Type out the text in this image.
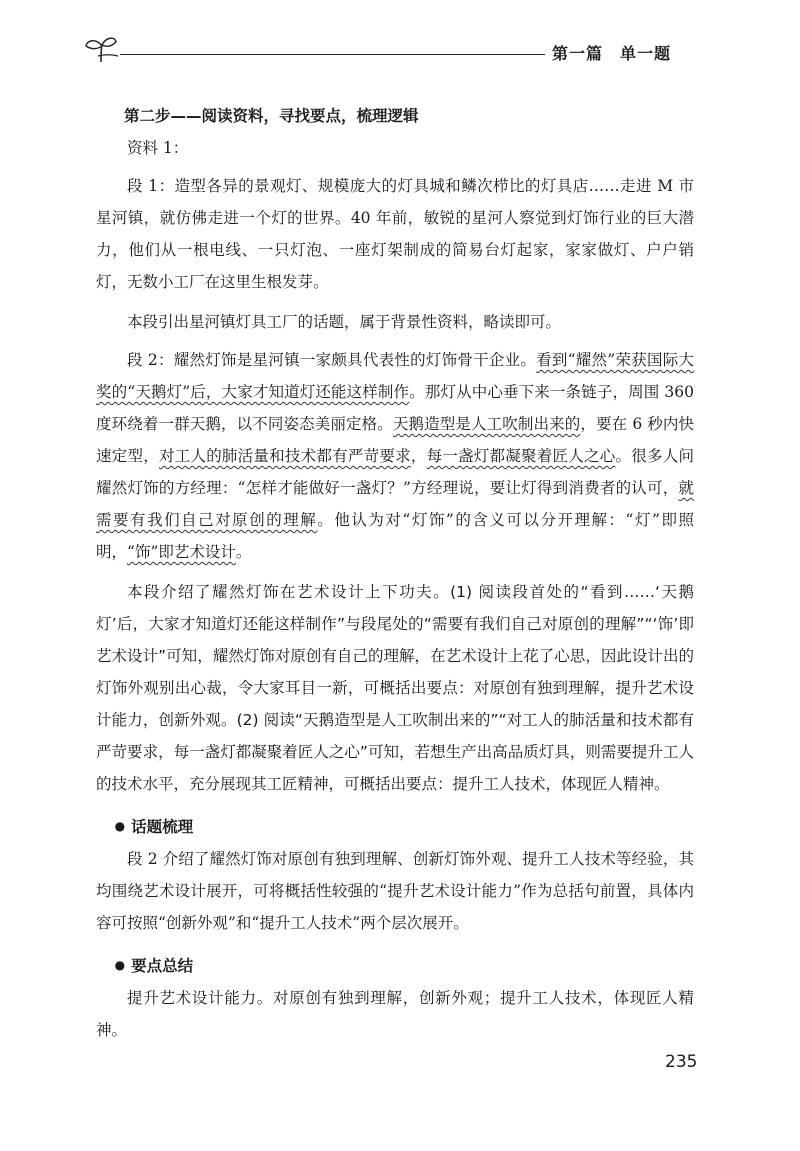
第一篇　单一题

第二步——阅读资料，寻找要点，梳理逻辑

资料 1：

段 1：造型各异的景观灯、规模庞大的灯具城和鳞次栉比的灯具店……走进 M 市星河镇，就仿佛走进一个灯的世界。40 年前，敏锐的星河人察觉到灯饰行业的巨大潜力，他们从一根电线、一只灯泡、一座灯架制成的简易台灯起家，家家做灯、户户销灯，无数小工厂在这里生根发芽。

本段引出星河镇灯具工厂的话题，属于背景性资料，略读即可。

段 2：耀然灯饰是星河镇一家颇具代表性的灯饰骨干企业。看到“耀然”荣获国际大奖的“天鹅灯”后，大家才知道灯还能这样制作。那灯从中心垂下来一条链子，周围 360 度环绕着一群天鹅，以不同姿态美丽定格。天鹅造型是人工吹制出来的，要在 6 秒内快速定型，对工人的肺活量和技术都有严苛要求，每一盏灯都凝聚着匠人之心。很多人问耀然灯饰的方经理：“怎样才能做好一盏灯？”方经理说，要让灯得到消费者的认可，就需要有我们自己对原创的理解。他认为对“灯饰”的含义可以分开理解：“灯”即照明，“饰”即艺术设计。

本段介绍了耀然灯饰在艺术设计上下功夫。(1) 阅读段首处的“看到……‘天鹅灯’后，大家才知道灯还能这样制作”与段尾处的“需要有我们自己对原创的理解”“‘饰’即艺术设计”可知，耀然灯饰对原创有自己的理解，在艺术设计上花了心思，因此设计出的灯饰外观别出心裁，令大家耳目一新，可概括出要点：对原创有独到理解，提升艺术设计能力，创新外观。(2) 阅读“天鹅造型是人工吹制出来的”“对工人的肺活量和技术都有严苛要求，每一盏灯都凝聚着匠人之心”可知，若想生产出高品质灯具，则需要提升工人的技术水平，充分展现其工匠精神，可概括出要点：提升工人技术，体现匠人精神。

● 话题梳理

段 2 介绍了耀然灯饰对原创有独到理解、创新灯饰外观、提升工人技术等经验，其均围绕艺术设计展开，可将概括性较强的“提升艺术设计能力”作为总括句前置，具体内容可按照“创新外观”和“提升工人技术”两个层次展开。

● 要点总结

提升艺术设计能力。对原创有独到理解，创新外观；提升工人技术，体现匠人精神。

235
